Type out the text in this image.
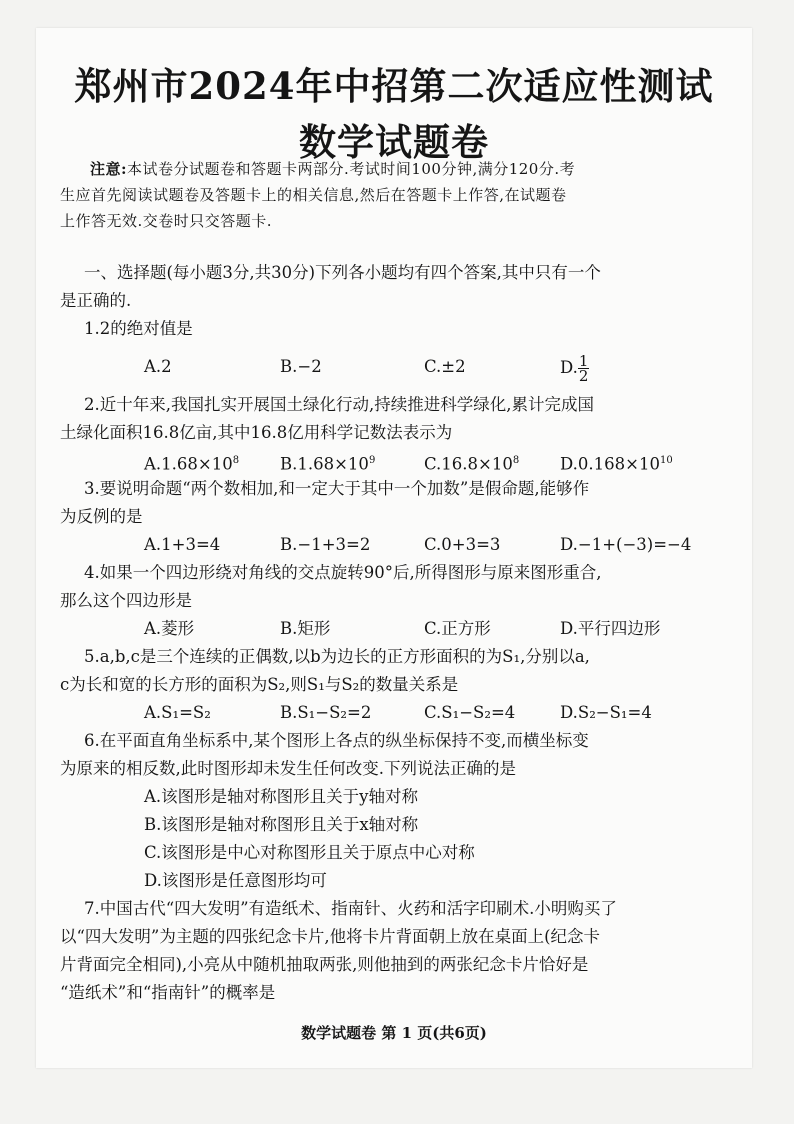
郑州市2024年中招第二次适应性测试
数学试题卷
注意:本试卷分试题卷和答题卡两部分.考试时间100分钟,满分120分.考
生应首先阅读试题卷及答题卡上的相关信息,然后在答题卡上作答,在试题卷
上作答无效.交卷时只交答题卡.
一、选择题(每小题3分,共30分)下列各小题均有四个答案,其中只有一个
是正确的.
1.2的绝对值是
A.2	B.−2	C.±2	D. $\frac{1}{2}$
2.近十年来,我国扎实开展国土绿化行动,持续推进科学绿化,累计完成国
土绿化面积16.8亿亩,其中16.8亿用科学记数法表示为
$A.1.68\times 10^8$ $B.1.68\times 10^9$	$C.16.8\times 10^8$ $D.0.168\times 10^{10}$
3.要说明命题“两个数相加,和一定大于其中一个加数”是假命题,能够作
为反例的是
A.1+3=4	B.−1+3=2	C.0+3=3	D.−1+(−3)=−4
4.如果一个四边形绕对角线的交点旋转90°后,所得图形与原来图形重合,
那么这个四边形是
A.菱形	B.矩形	C.正方形	D.平行四边形
5.a,b,c是三个连续的正偶数,以b为边长的正方形面积的为S₁,分别以a,
c为长和宽的长方形的面积为S₂,则S₁与S₂的数量关系是
A.S₁=S₂	B.S₁−S₂=2	C.S₁−S₂=4	D.S₂−S₁=4
6.在平面直角坐标系中,某个图形上各点的纵坐标保持不变,而横坐标变
为原来的相反数,此时图形却未发生任何改变.下列说法正确的是
A.该图形是轴对称图形且关于y轴对称
B.该图形是轴对称图形且关于x轴对称
C.该图形是中心对称图形且关于原点中心对称
D.该图形是任意图形均可
7.中国古代“四大发明”有造纸术、指南针、火药和活字印刷术.小明购买了
以“四大发明”为主题的四张纪念卡片,他将卡片背面朝上放在桌面上(纪念卡
片背面完全相同),小亮从中随机抽取两张,则他抽到的两张纪念卡片恰好是
“造纸术”和“指南针”的概率是
数学试题卷 第 1 页(共6页)
